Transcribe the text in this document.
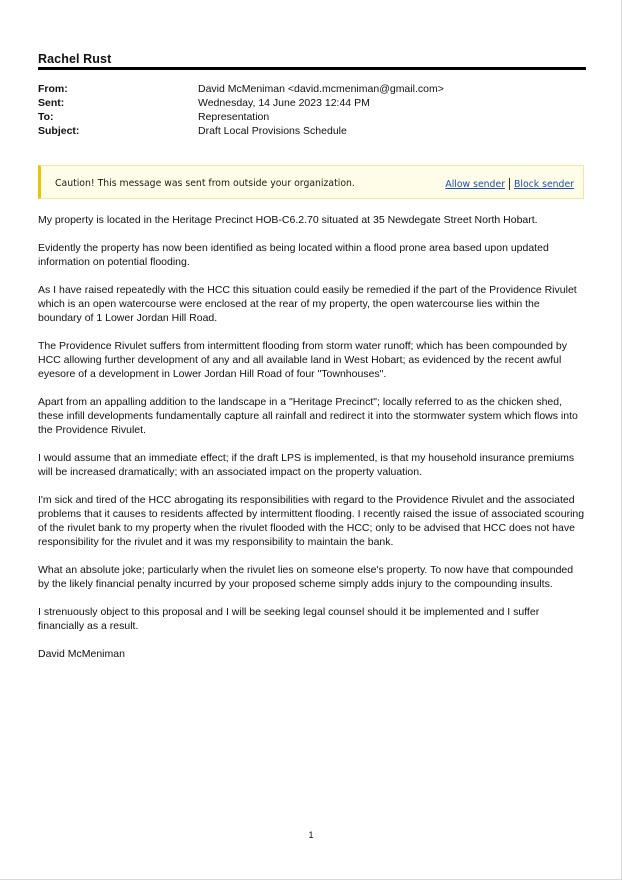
Rachel Rust
From:	David McMeniman <david.mcmeniman@gmail.com>
Sent:	Wednesday, 14 June 2023 12:44 PM
To:	Representation
Subject:	Draft Local Provisions Schedule
Caution! This message was sent from outside your organization.	Allow sender Block sender

My property is located in the Heritage Precinct HOB-C6.2.70 situated at 35 Newdegate Street North Hobart.

Evidently the property has now been identified as being located within a flood prone area based upon updated information on potential flooding.

As I have raised repeatedly with the HCC this situation could easily be remedied if the part of the Providence Rivulet which is an open watercourse were enclosed at the rear of my property, the open watercourse lies within the boundary of 1 Lower Jordan Hill Road.

The Providence Rivulet suffers from intermittent flooding from storm water runoff; which has been compounded by HCC allowing further development of any and all available land in West Hobart; as evidenced by the recent awful eyesore of a development in Lower Jordan Hill Road of four "Townhouses".

Apart from an appalling addition to the landscape in a "Heritage Precinct"; locally referred to as the chicken shed, these infill developments fundamentally capture all rainfall and redirect it into the stormwater system which flows into the Providence Rivulet.

I would assume that an immediate effect; if the draft LPS is implemented, is that my household insurance premiums will be increased dramatically; with an associated impact on the property valuation.

I'm sick and tired of the HCC abrogating its responsibilities with regard to the Providence Rivulet and the associated problems that it causes to residents affected by intermittent flooding. I recently raised the issue of associated scouring of the rivulet bank to my property when the rivulet flooded with the HCC; only to be advised that HCC does not have responsibility for the rivulet and it was my responsibility to maintain the bank.

What an absolute joke; particularly when the rivulet lies on someone else's property. To now have that compounded by the likely financial penalty incurred by your proposed scheme simply adds injury to the compounding insults.

I strenuously object to this proposal and I will be seeking legal counsel should it be implemented and I suffer financially as a result.

David McMeniman

1
